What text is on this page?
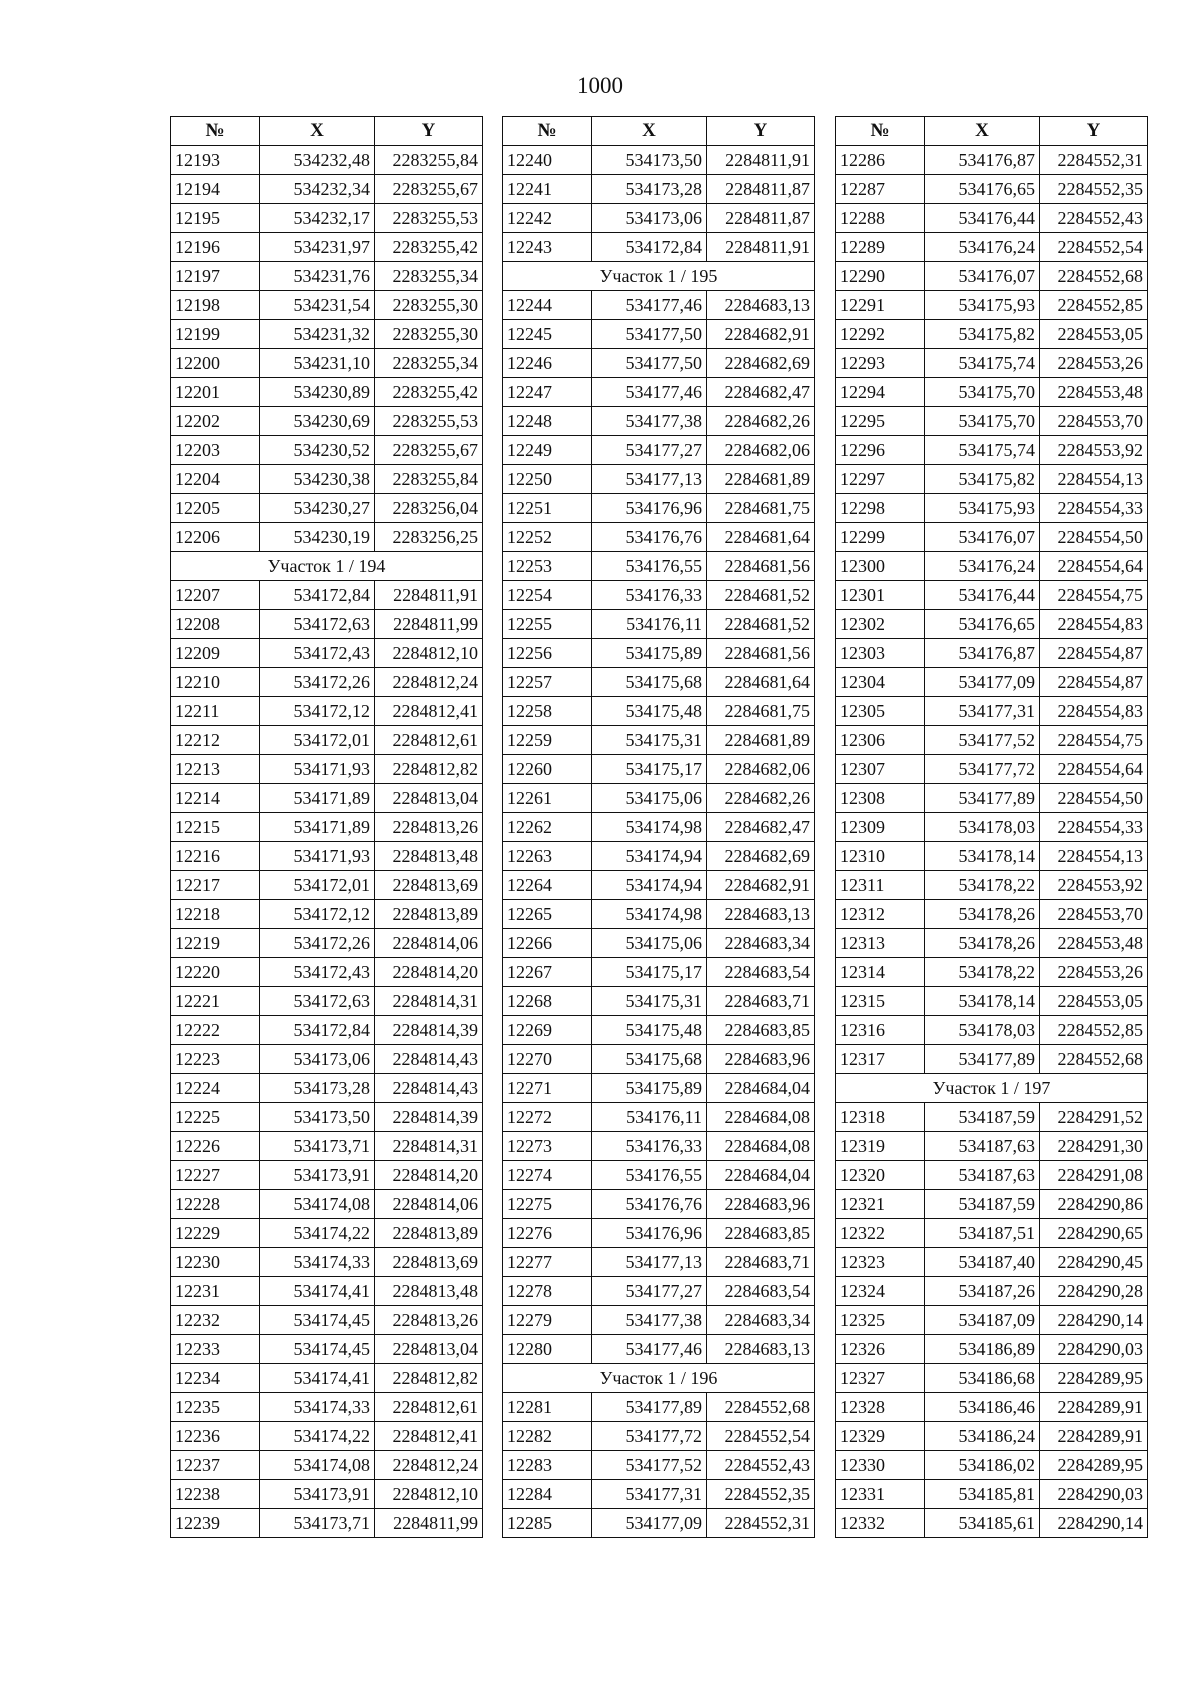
1000
№	X	Y
12193	534232,48	2283255,84
12194	534232,34	2283255,67
12195	534232,17	2283255,53
12196	534231,97	2283255,42
12197	534231,76	2283255,34
12198	534231,54	2283255,30
12199	534231,32	2283255,30
12200	534231,10	2283255,34
12201	534230,89	2283255,42
12202	534230,69	2283255,53
12203	534230,52	2283255,67
12204	534230,38	2283255,84
12205	534230,27	2283256,04
12206	534230,19	2283256,25
Участок 1 / 194		
12207	534172,84	2284811,91
12208	534172,63	2284811,99
12209	534172,43	2284812,10
12210	534172,26	2284812,24
12211	534172,12	2284812,41
12212	534172,01	2284812,61
12213	534171,93	2284812,82
12214	534171,89	2284813,04
12215	534171,89	2284813,26
12216	534171,93	2284813,48
12217	534172,01	2284813,69
12218	534172,12	2284813,89
12219	534172,26	2284814,06
12220	534172,43	2284814,20
12221	534172,63	2284814,31
12222	534172,84	2284814,39
12223	534173,06	2284814,43
12224	534173,28	2284814,43
12225	534173,50	2284814,39
12226	534173,71	2284814,31
12227	534173,91	2284814,20
12228	534174,08	2284814,06
12229	534174,22	2284813,89
12230	534174,33	2284813,69
12231	534174,41	2284813,48
12232	534174,45	2284813,26
12233	534174,45	2284813,04
12234	534174,41	2284812,82
12235	534174,33	2284812,61
12236	534174,22	2284812,41
12237	534174,08	2284812,24
12238	534173,91	2284812,10
12239	534173,71	2284811,99
№	X	Y
12240	534173,50	2284811,91
12241	534173,28	2284811,87
12242	534173,06	2284811,87
12243	534172,84	2284811,91
Участок 1 / 195		
12244	534177,46	2284683,13
12245	534177,50	2284682,91
12246	534177,50	2284682,69
12247	534177,46	2284682,47
12248	534177,38	2284682,26
12249	534177,27	2284682,06
12250	534177,13	2284681,89
12251	534176,96	2284681,75
12252	534176,76	2284681,64
12253	534176,55	2284681,56
12254	534176,33	2284681,52
12255	534176,11	2284681,52
12256	534175,89	2284681,56
12257	534175,68	2284681,64
12258	534175,48	2284681,75
12259	534175,31	2284681,89
12260	534175,17	2284682,06
12261	534175,06	2284682,26
12262	534174,98	2284682,47
12263	534174,94	2284682,69
12264	534174,94	2284682,91
12265	534174,98	2284683,13
12266	534175,06	2284683,34
12267	534175,17	2284683,54
12268	534175,31	2284683,71
12269	534175,48	2284683,85
12270	534175,68	2284683,96
12271	534175,89	2284684,04
12272	534176,11	2284684,08
12273	534176,33	2284684,08
12274	534176,55	2284684,04
12275	534176,76	2284683,96
12276	534176,96	2284683,85
12277	534177,13	2284683,71
12278	534177,27	2284683,54
12279	534177,38	2284683,34
12280	534177,46	2284683,13
Участок 1 / 196		
12281	534177,89	2284552,68
12282	534177,72	2284552,54
12283	534177,52	2284552,43
12284	534177,31	2284552,35
12285	534177,09	2284552,31
№	X	Y
12286	534176,87	2284552,31
12287	534176,65	2284552,35
12288	534176,44	2284552,43
12289	534176,24	2284552,54
12290	534176,07	2284552,68
12291	534175,93	2284552,85
12292	534175,82	2284553,05
12293	534175,74	2284553,26
12294	534175,70	2284553,48
12295	534175,70	2284553,70
12296	534175,74	2284553,92
12297	534175,82	2284554,13
12298	534175,93	2284554,33
12299	534176,07	2284554,50
12300	534176,24	2284554,64
12301	534176,44	2284554,75
12302	534176,65	2284554,83
12303	534176,87	2284554,87
12304	534177,09	2284554,87
12305	534177,31	2284554,83
12306	534177,52	2284554,75
12307	534177,72	2284554,64
12308	534177,89	2284554,50
12309	534178,03	2284554,33
12310	534178,14	2284554,13
12311	534178,22	2284553,92
12312	534178,26	2284553,70
12313	534178,26	2284553,48
12314	534178,22	2284553,26
12315	534178,14	2284553,05
12316	534178,03	2284552,85
12317	534177,89	2284552,68
Участок 1 / 197		
12318	534187,59	2284291,52
12319	534187,63	2284291,30
12320	534187,63	2284291,08
12321	534187,59	2284290,86
12322	534187,51	2284290,65
12323	534187,40	2284290,45
12324	534187,26	2284290,28
12325	534187,09	2284290,14
12326	534186,89	2284290,03
12327	534186,68	2284289,95
12328	534186,46	2284289,91
12329	534186,24	2284289,91
12330	534186,02	2284289,95
12331	534185,81	2284290,03
12332	534185,61	2284290,14
